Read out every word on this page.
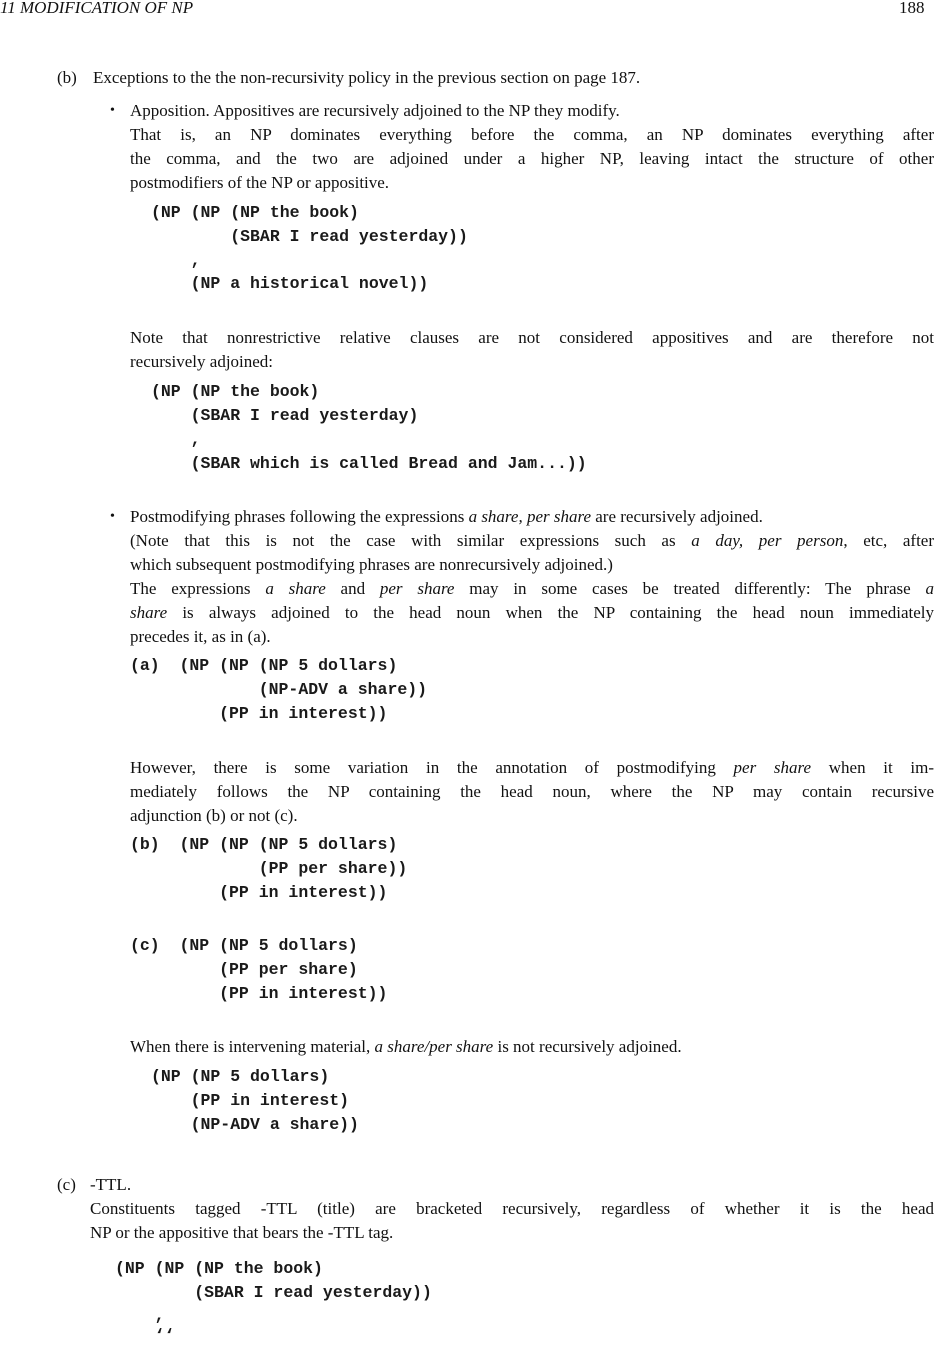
11 MODIFICATION OF NP	188
(b) Exceptions to the the non-recursivity policy in the previous section on page 187.
• Apposition. Appositives are recursively adjoined to the NP they modify.
That is, an NP dominates everything before the comma, an NP dominates everything after
the comma, and the two are adjoined under a higher NP, leaving intact the structure of other
postmodifiers of the NP or appositive.
(NP (NP (NP the book)
(SBAR I read yesterday))
,
(NP a historical novel))
Note that nonrestrictive relative clauses are not considered appositives and are therefore not
recursively adjoined:
(NP (NP the book)
(SBAR I read yesterday)
,
(SBAR which is called Bread and Jam...))
• Postmodifying phrases following the expressions a share, per share are recursively adjoined.
(Note that this is not the case with similar expressions such as a day, per person, etc, after
which subsequent postmodifying phrases are nonrecursively adjoined.)
The expressions a share and per share may in some cases be treated differently: The phrase a
share is always adjoined to the head noun when the NP containing the head noun immediately
precedes it, as in (a).
(a)  (NP (NP (NP 5 dollars)
(NP-ADV a share))
(PP in interest))
However, there is some variation in the annotation of postmodifying per share when it im-
mediately follows the NP containing the head noun, where the NP may contain recursive
adjunction (b) or not (c).
(b)  (NP (NP (NP 5 dollars)
(PP per share))
(PP in interest))
(c)  (NP (NP 5 dollars)
(PP per share)
(PP in interest))
When there is intervening material, a share/per share is not recursively adjoined.
(NP (NP 5 dollars)
(PP in interest)
(NP-ADV a share))
(c) -TTL.
Constituents tagged -TTL (title) are bracketed recursively, regardless of whether it is the head
NP or the appositive that bears the -TTL tag.
(NP (NP (NP the book)
(SBAR I read yesterday))
,
‘‘
